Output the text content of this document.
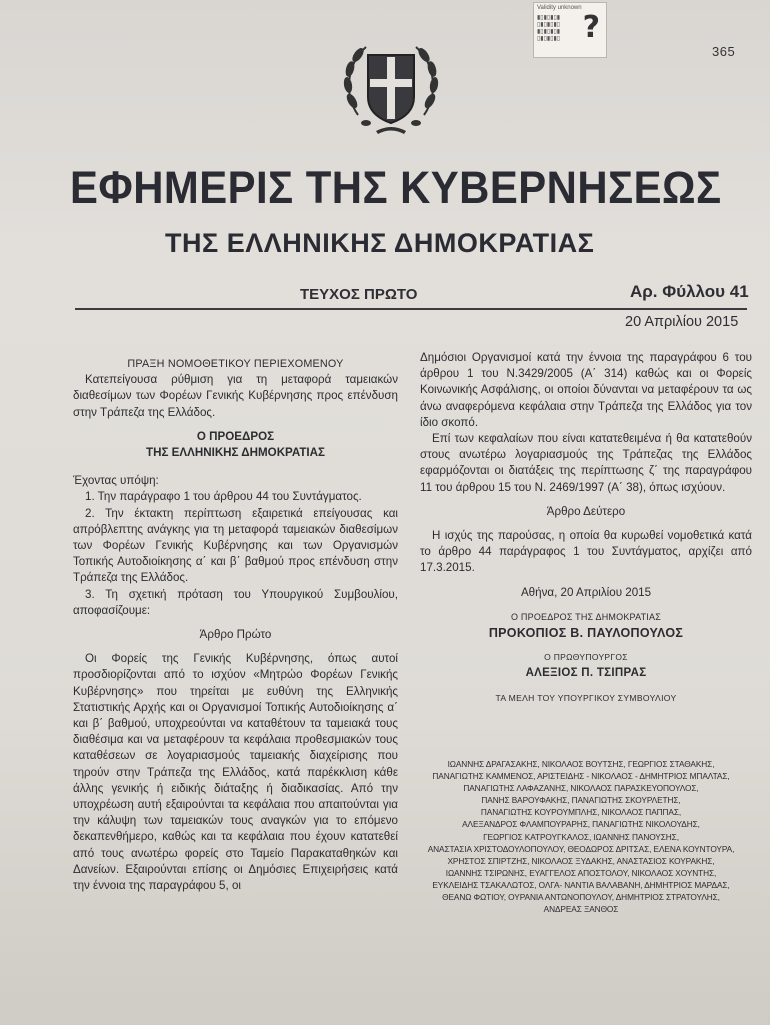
Validity unknown
▮▯▮▯▮▯▮
▯▮▯▮▯▮▯
▮▯▮▯▮▯▮
▯▮▯▮▯▮▯ ?
365
ΕΦΗΜΕΡΙΣ ΤΗΣ ΚΥΒΕΡΝΗΣΕΩΣ
ΤΗΣ ΕΛΛΗΝΙΚΗΣ ΔΗΜΟΚΡΑΤΙΑΣ
ΤΕΥΧΟΣ ΠΡΩΤΟ	Αρ. Φύλλου 41
20 Απριλίου 2015

ΠΡΑΞΗ ΝΟΜΟΘΕΤΙΚΟΥ ΠΕΡΙΕΧΟΜΕΝΟΥ

Κατεπείγουσα ρύθμιση για τη μεταφορά ταμειακών διαθεσίμων των Φορέων Γενικής Κυβέρνησης προς επένδυση στην Τράπεζα της Ελλάδος.

Ο ΠΡΟΕΔΡΟΣ

ΤΗΣ ΕΛΛΗΝΙΚΗΣ ΔΗΜΟΚΡΑΤΙΑΣ

Έχοντας υπόψη:

1. Την παράγραφο 1 του άρθρου 44 του Συντάγματος.

2. Την έκτακτη περίπτωση εξαιρετικά επείγουσας και απρόβλεπτης ανάγκης για τη μεταφορά ταμειακών διαθεσίμων των Φορέων Γενικής Κυβέρνησης και των Οργανισμών Τοπικής Αυτοδιοίκησης α΄ και β΄ βαθμού προς επένδυση στην Τράπεζα της Ελλάδος.

3. Τη σχετική πρόταση του Υπουργικού Συμβουλίου, αποφασίζουμε:

Άρθρο Πρώτο

Οι Φορείς της Γενικής Κυβέρνησης, όπως αυτοί προσδιορίζονται από το ισχύον «Μητρώο Φορέων Γενικής Κυβέρνησης» που τηρείται με ευθύνη της Ελληνικής Στατιστικής Αρχής και οι Οργανισμοί Τοπικής Αυτοδιοίκησης α΄ και β΄ βαθμού, υποχρεούνται να καταθέτουν τα ταμειακά τους διαθέσιμα και να μεταφέρουν τα κεφάλαια προθεσμιακών τους καταθέσεων σε λογαριασμούς ταμειακής διαχείρισης που τηρούν στην Τράπεζα της Ελλάδος, κατά παρέκκλιση κάθε άλλης γενικής ή ειδικής διάταξης ή διαδικασίας. Από την υποχρέωση αυτή εξαιρούνται τα κεφάλαια που απαιτούνται για την κάλυψη των ταμειακών τους αναγκών για το επόμενο δεκαπενθήμερο, καθώς και τα κεφάλαια που έχουν κατατεθεί από τους ανωτέρω φορείς στο Ταμείο Παρακαταθηκών και Δανείων. Εξαιρούνται επίσης οι Δημόσιες Επιχειρήσεις κατά την έννοια της παραγράφου 5, οι

Δημόσιοι Οργανισμοί κατά την έννοια της παραγράφου 6 του άρθρου 1 του Ν.3429/2005 (Α΄ 314) καθώς και οι Φορείς Κοινωνικής Ασφάλισης, οι οποίοι δύνανται να μεταφέρουν τα ως άνω αναφερόμενα κεφάλαια στην Τράπεζα της Ελλάδος για τον ίδιο σκοπό.

Επί των κεφαλαίων που είναι κατατεθειμένα ή θα κατατεθούν στους ανωτέρω λογαριασμούς της Τράπεζας της Ελλάδος εφαρμόζονται οι διατάξεις της περίπτωσης ζ΄ της παραγράφου 11 του άρθρου 15 του Ν. 2469/1997 (Α΄ 38), όπως ισχύουν.

Άρθρο Δεύτερο

Η ισχύς της παρούσας, η οποία θα κυρωθεί νομοθετικά κατά το άρθρο 44 παράγραφος 1 του Συντάγματος, αρχίζει από 17.3.2015.

Αθήνα, 20 Απριλίου 2015

Ο ΠΡΟΕΔΡΟΣ ΤΗΣ ΔΗΜΟΚΡΑΤΙΑΣ

ΠΡΟΚΟΠΙΟΣ Β. ΠΑΥΛΟΠΟΥΛΟΣ

Ο ΠΡΩΘΥΠΟΥΡΓΟΣ

ΑΛΕΞΙΟΣ Π. ΤΣΙΠΡΑΣ

ΤΑ ΜΕΛΗ ΤΟΥ ΥΠΟΥΡΓΙΚΟΥ ΣΥΜΒΟΥΛΙΟΥ

ΙΩΑΝΝΗΣ ΔΡΑΓΑΣΑΚΗΣ, ΝΙΚΟΛΑΟΣ ΒΟΥΤΣΗΣ, ΓΕΩΡΓΙΟΣ ΣΤΑΘΑΚΗΣ,
ΠΑΝΑΓΙΩΤΗΣ ΚΑΜΜΕΝΟΣ, ΑΡΙΣΤΕΙΔΗΣ - ΝΙΚΟΛΑΟΣ - ΔΗΜΗΤΡΙΟΣ ΜΠΑΛΤΑΣ,
ΠΑΝΑΓΙΩΤΗΣ ΛΑΦΑΖΑΝΗΣ, ΝΙΚΟΛΑΟΣ ΠΑΡΑΣΚΕΥΟΠΟΥΛΟΣ,
ΠΑΝΗΣ ΒΑΡΟΥΦΑΚΗΣ, ΠΑΝΑΓΙΩΤΗΣ ΣΚΟΥΡΛΕΤΗΣ,
ΠΑΝΑΓΙΩΤΗΣ ΚΟΥΡΟΥΜΠΛΗΣ, ΝΙΚΟΛΑΟΣ ΠΑΠΠΑΣ,
ΑΛΕΞΑΝΔΡΟΣ ΦΛΑΜΠΟΥΡΑΡΗΣ, ΠΑΝΑΓΙΩΤΗΣ ΝΙΚΟΛΟΥΔΗΣ,
ΓΕΩΡΓΙΟΣ ΚΑΤΡΟΥΓΚΑΛΟΣ, ΙΩΑΝΝΗΣ ΠΑΝΟΥΣΗΣ,
ΑΝΑΣΤΑΣΙΑ ΧΡΙΣΤΟΔΟΥΛΟΠΟΥΛΟΥ, ΘΕΟΔΩΡΟΣ ΔΡΙΤΣΑΣ, ΕΛΕΝΑ ΚΟΥΝΤΟΥΡΑ,
ΧΡΗΣΤΟΣ ΣΠΙΡΤΖΗΣ, ΝΙΚΟΛΑΟΣ ΞΥΔΑΚΗΣ, ΑΝΑΣΤΑΣΙΟΣ ΚΟΥΡΑΚΗΣ,
ΙΩΑΝΝΗΣ ΤΣΙΡΩΝΗΣ, ΕΥΑΓΓΕΛΟΣ ΑΠΟΣΤΟΛΟΥ, ΝΙΚΟΛΑΟΣ ΧΟΥΝΤΗΣ,
ΕΥΚΛΕΙΔΗΣ ΤΣΑΚΑΛΩΤΟΣ, ΟΛΓΑ- ΝΑΝΤΙΑ ΒΑΛΑΒΑΝΗ, ΔΗΜΗΤΡΙΟΣ ΜΑΡΔΑΣ,
ΘΕΑΝΩ ΦΩΤΙΟΥ, ΟΥΡΑΝΙΑ ΑΝΤΩΝΟΠΟΥΛΟΥ, ΔΗΜΗΤΡΙΟΣ ΣΤΡΑΤΟΥΛΗΣ,
ΑΝΔΡΕΑΣ ΞΑΝΘΟΣ
